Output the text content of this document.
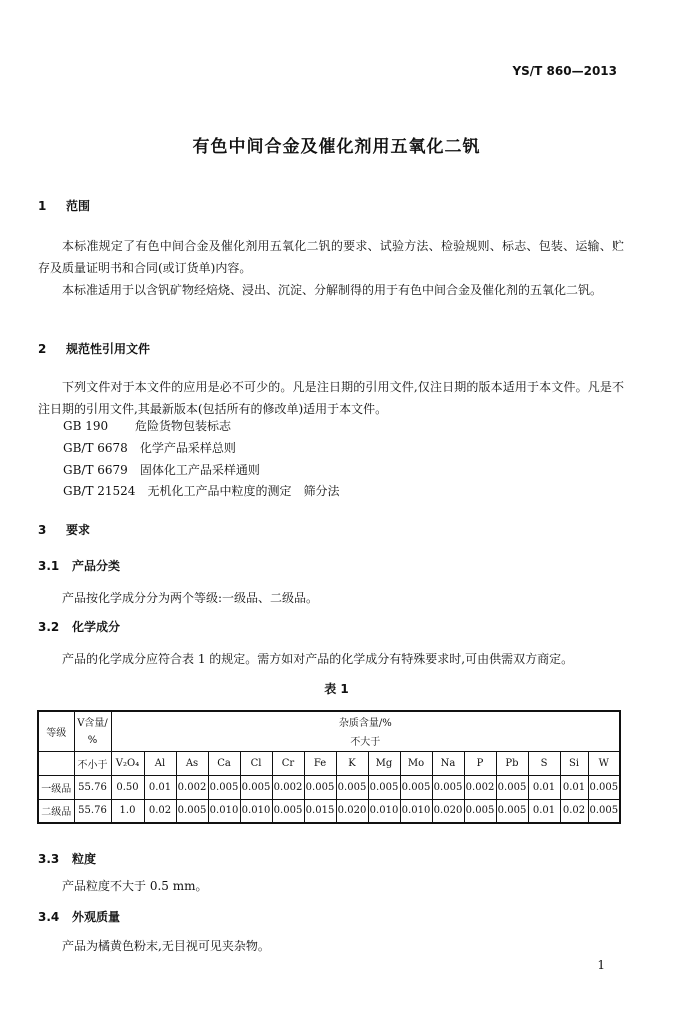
YS/T 860—2013
有色中间合金及催化剂用五氧化二钒
1 范围

本标准规定了有色中间合金及催化剂用五氧化二钒的要求、试验方法、检验规则、标志、包装、运输、贮存及质量证明书和合同(或订货单)内容。

本标准适用于以含钒矿物经焙烧、浸出、沉淀、分解制得的用于有色中间合金及催化剂的五氧化二钒。

2 规范性引用文件

下列文件对于本文件的应用是必不可少的。凡是注日期的引用文件,仅注日期的版本适用于本文件。凡是不注日期的引用文件,其最新版本(包括所有的修改单)适用于本文件。

GB 190　 危险货物包装标志
GB/T 6678　 化学产品采样总则
GB/T 6679　 固体化工产品采样通则
GB/T 21524　 无机化工产品中粒度的测定　筛分法
3 要求
3.1 产品分类
产品按化学成分分为两个等级:一级品、二级品。
3.2 化学成分
产品的化学成分应符合表 1 的规定。需方如对产品的化学成分有特殊要求时,可由供需双方商定。
表 1
等级	V含量/	杂质含量/%															
	%	不大于															
	不小于	V₂O₄	Al	As	Ca	Cl	Cr	Fe	K	Mg	Mo	Na	P	Pb	S	Si	W
一级品	55.76	0.50	0.01	0.002	0.005	0.005	0.002	0.005	0.005	0.005	0.005	0.005	0.002	0.005	0.01	0.01	0.005
二级品	55.76	1.0	0.02	0.005	0.010	0.010	0.005	0.015	0.020	0.010	0.010	0.020	0.005	0.005	0.01	0.02	0.005
3.3 粒度
产品粒度不大于 0.5 mm。
3.4 外观质量
产品为橘黄色粉末,无目视可见夹杂物。
1
